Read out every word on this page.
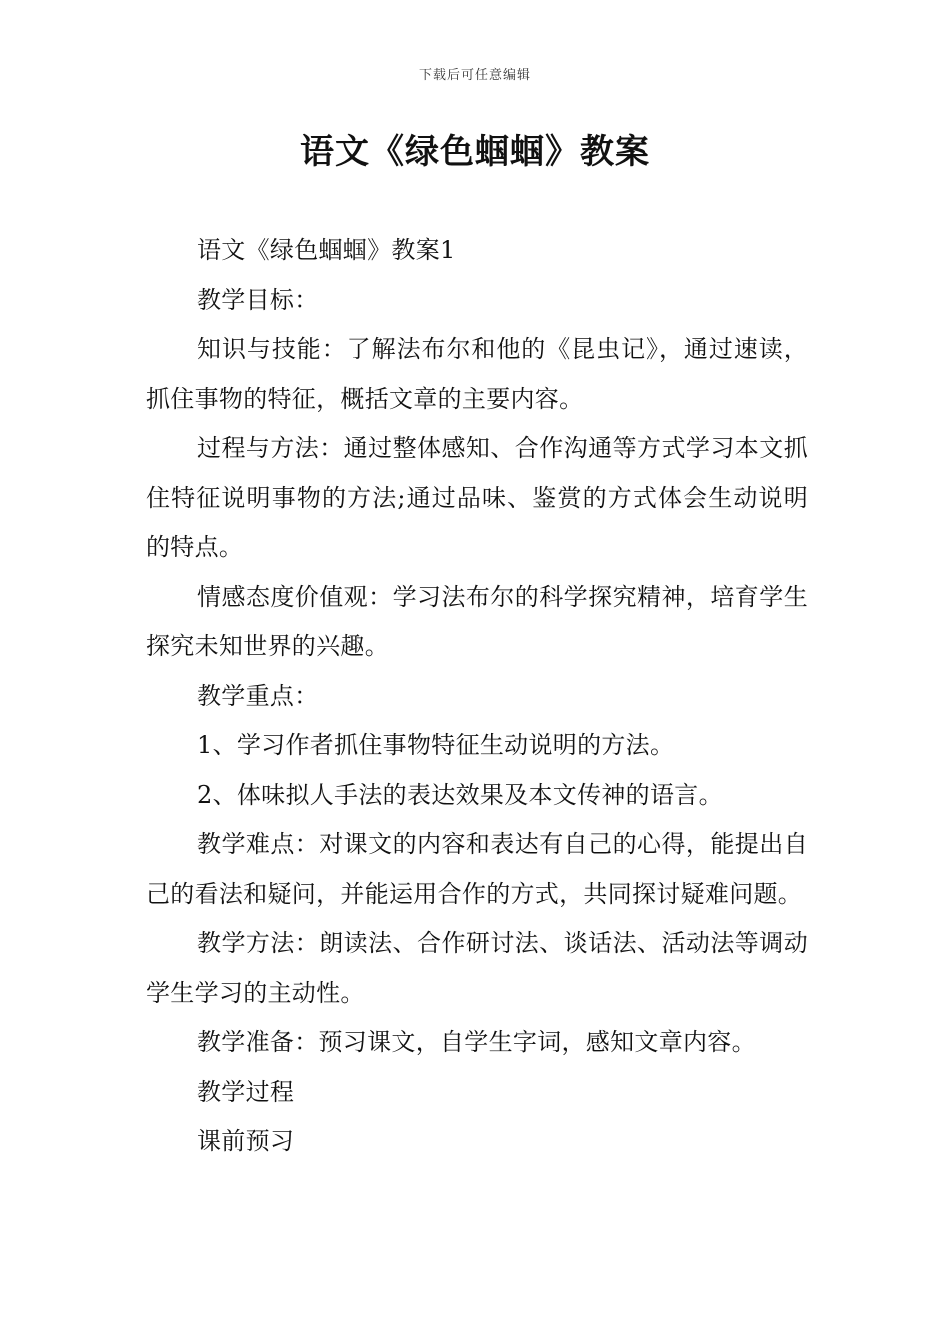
下载后可任意编辑
语文《绿色蝈蝈》教案

语文《绿色蝈蝈》教案1

教学目标：

知识与技能：了解法布尔和他的《昆虫记》，通过速读，抓住事物的特征，概括文章的主要内容。

过程与方法：通过整体感知、合作沟通等方式学习本文抓住特征说明事物的方法;通过品味、鉴赏的方式体会生动说明的特点。

情感态度价值观：学习法布尔的科学探究精神，培育学生探究未知世界的兴趣。

教学重点：

1、学习作者抓住事物特征生动说明的方法。

2、体味拟人手法的表达效果及本文传神的语言。

教学难点：对课文的内容和表达有自己的心得，能提出自己的看法和疑问，并能运用合作的方式，共同探讨疑难问题。

教学方法：朗读法、合作研讨法、谈话法、活动法等调动学生学习的主动性。

教学准备：预习课文，自学生字词，感知文章内容。

教学过程

课前预习
